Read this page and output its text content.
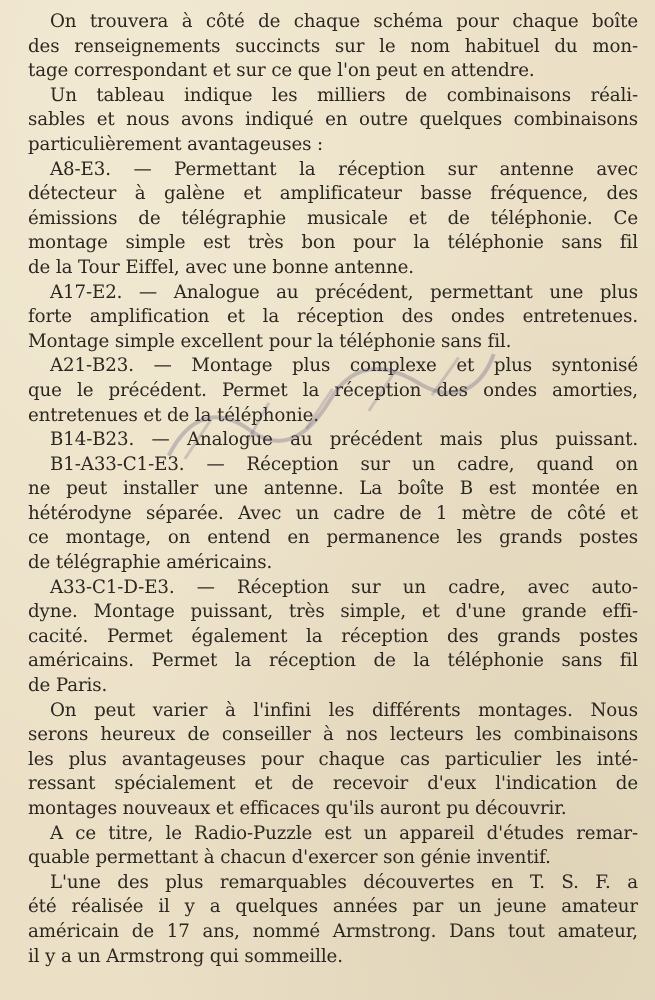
On trouvera à côté de chaque schéma pour chaque boîte
des renseignements succincts sur le nom habituel du mon-
tage correspondant et sur ce que l'on peut en attendre.
Un tableau indique les milliers de combinaisons réali-
sables et nous avons indiqué en outre quelques combinaisons
particulièrement avantageuses :
A8-E3. — Permettant la réception sur antenne avec
détecteur à galène et amplificateur basse fréquence, des
émissions de télégraphie musicale et de téléphonie. Ce
montage simple est très bon pour la téléphonie sans fil
de la Tour Eiffel, avec une bonne antenne.
A17-E2. — Analogue au précédent, permettant une plus
forte amplification et la réception des ondes entretenues.
Montage simple excellent pour la téléphonie sans fil.
A21-B23. — Montage plus complexe et plus syntonisé
que le précédent. Permet la réception des ondes amorties,
entretenues et de la téléphonie.
B14-B23. — Analogue au précédent mais plus puissant.
B1-A33-C1-E3. — Réception sur un cadre, quand on
ne peut installer une antenne. La boîte B est montée en
hétérodyne séparée. Avec un cadre de 1 mètre de côté et
ce montage, on entend en permanence les grands postes
de télégraphie américains.
A33-C1-D-E3. — Réception sur un cadre, avec auto-
dyne. Montage puissant, très simple, et d'une grande effi-
cacité. Permet également la réception des grands postes
américains. Permet la réception de la téléphonie sans fil
de Paris.
On peut varier à l'infini les différents montages. Nous
serons heureux de conseiller à nos lecteurs les combinaisons
les plus avantageuses pour chaque cas particulier les inté-
ressant spécialement et de recevoir d'eux l'indication de
montages nouveaux et efficaces qu'ils auront pu découvrir.
A ce titre, le Radio-Puzzle est un appareil d'études remar-
quable permettant à chacun d'exercer son génie inventif.
L'une des plus remarquables découvertes en T. S. F. a
été réalisée il y a quelques années par un jeune amateur
américain de 17 ans, nommé Armstrong. Dans tout amateur,
il y a un Armstrong qui sommeille.
